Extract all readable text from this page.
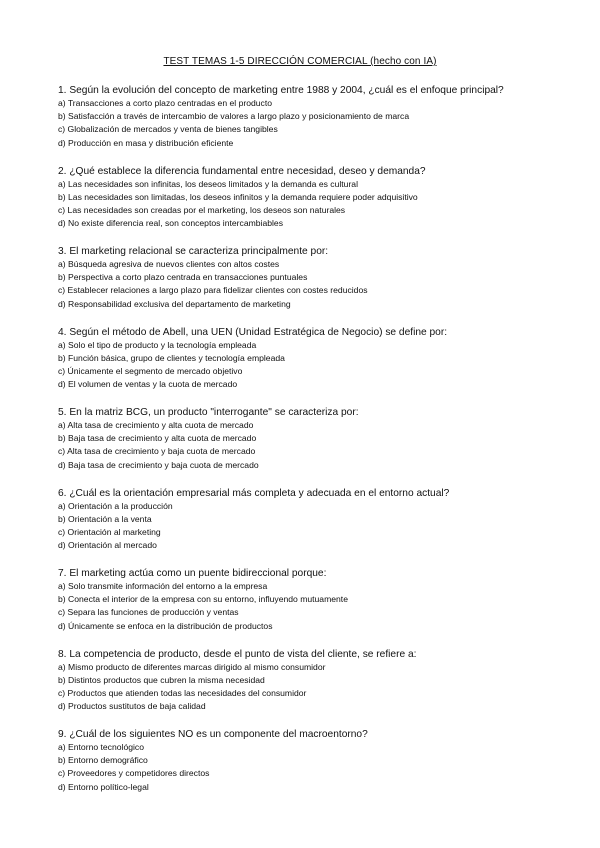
TEST TEMAS 1-5 DIRECCIÓN COMERCIAL (hecho con IA)
1. Según la evolución del concepto de marketing entre 1988 y 2004, ¿cuál es el enfoque principal?
a) Transacciones a corto plazo centradas en el producto
b) Satisfacción a través de intercambio de valores a largo plazo y posicionamiento de marca
c) Globalización de mercados y venta de bienes tangibles
d) Producción en masa y distribución eficiente
2. ¿Qué establece la diferencia fundamental entre necesidad, deseo y demanda?
a) Las necesidades son infinitas, los deseos limitados y la demanda es cultural
b) Las necesidades son limitadas, los deseos infinitos y la demanda requiere poder adquisitivo
c) Las necesidades son creadas por el marketing, los deseos son naturales
d) No existe diferencia real, son conceptos intercambiables
3. El marketing relacional se caracteriza principalmente por:
a) Búsqueda agresiva de nuevos clientes con altos costes
b) Perspectiva a corto plazo centrada en transacciones puntuales
c) Establecer relaciones a largo plazo para fidelizar clientes con costes reducidos
d) Responsabilidad exclusiva del departamento de marketing
4. Según el método de Abell, una UEN (Unidad Estratégica de Negocio) se define por:
a) Solo el tipo de producto y la tecnología empleada
b) Función básica, grupo de clientes y tecnología empleada
c) Únicamente el segmento de mercado objetivo
d) El volumen de ventas y la cuota de mercado
5. En la matriz BCG, un producto "interrogante" se caracteriza por:
a) Alta tasa de crecimiento y alta cuota de mercado
b) Baja tasa de crecimiento y alta cuota de mercado
c) Alta tasa de crecimiento y baja cuota de mercado
d) Baja tasa de crecimiento y baja cuota de mercado
6. ¿Cuál es la orientación empresarial más completa y adecuada en el entorno actual?
a) Orientación a la producción
b) Orientación a la venta
c) Orientación al marketing
d) Orientación al mercado
7. El marketing actúa como un puente bidireccional porque:
a) Solo transmite información del entorno a la empresa
b) Conecta el interior de la empresa con su entorno, influyendo mutuamente
c) Separa las funciones de producción y ventas
d) Únicamente se enfoca en la distribución de productos
8. La competencia de producto, desde el punto de vista del cliente, se refiere a:
a) Mismo producto de diferentes marcas dirigido al mismo consumidor
b) Distintos productos que cubren la misma necesidad
c) Productos que atienden todas las necesidades del consumidor
d) Productos sustitutos de baja calidad
9. ¿Cuál de los siguientes NO es un componente del macroentorno?
a) Entorno tecnológico
b) Entorno demográfico
c) Proveedores y competidores directos
d) Entorno político-legal
